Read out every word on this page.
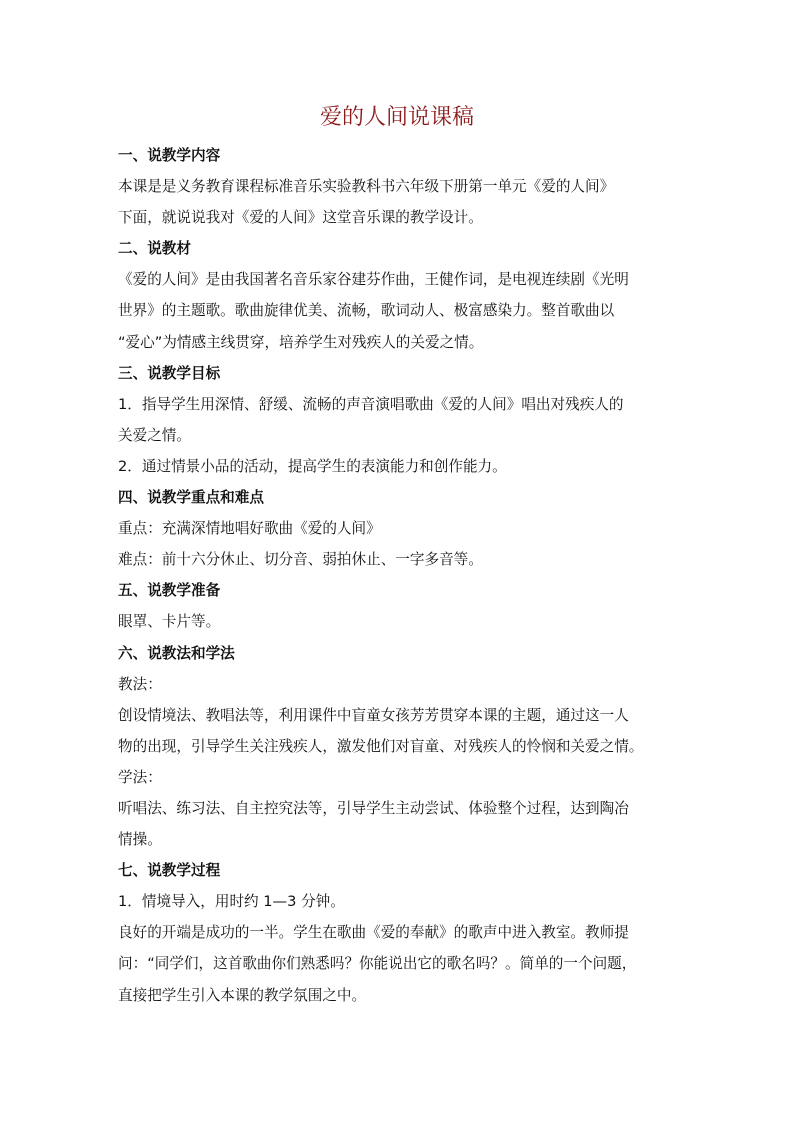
爱的人间说课稿
一、说教学内容
本课是是义务教育课程标准音乐实验教科书六年级下册第一单元《爱的人间》
下面，就说说我对《爱的人间》这堂音乐课的教学设计。
二、说教材
《爱的人间》是由我国著名音乐家谷建芬作曲，王健作词，是电视连续剧《光明
世界》的主题歌。歌曲旋律优美、流畅，歌词动人、极富感染力。整首歌曲以
“爱心”为情感主线贯穿，培养学生对残疾人的关爱之情。
三、说教学目标
1．指导学生用深情、舒缓、流畅的声音演唱歌曲《爱的人间》唱出对残疾人的
关爱之情。
2．通过情景小品的活动，提高学生的表演能力和创作能力。
四、说教学重点和难点
重点：充满深情地唱好歌曲《爱的人间》
难点：前十六分休止、切分音、弱拍休止、一字多音等。
五、说教学准备
眼罩、卡片等。
六、说教法和学法
教法：
创设情境法、教唱法等，利用课件中盲童女孩芳芳贯穿本课的主题，通过这一人
物的出现，引导学生关注残疾人，激发他们对盲童、对残疾人的怜悯和关爱之情。
学法：
听唱法、练习法、自主控究法等，引导学生主动尝试、体验整个过程，达到陶冶
情操。
七、说教学过程
1．情境导入，用时约 1—3 分钟。
良好的开端是成功的一半。学生在歌曲《爱的奉献》的歌声中进入教室。教师提
问：“同学们，这首歌曲你们熟悉吗？你能说出它的歌名吗？。简单的一个问题，
直接把学生引入本课的教学氛围之中。
